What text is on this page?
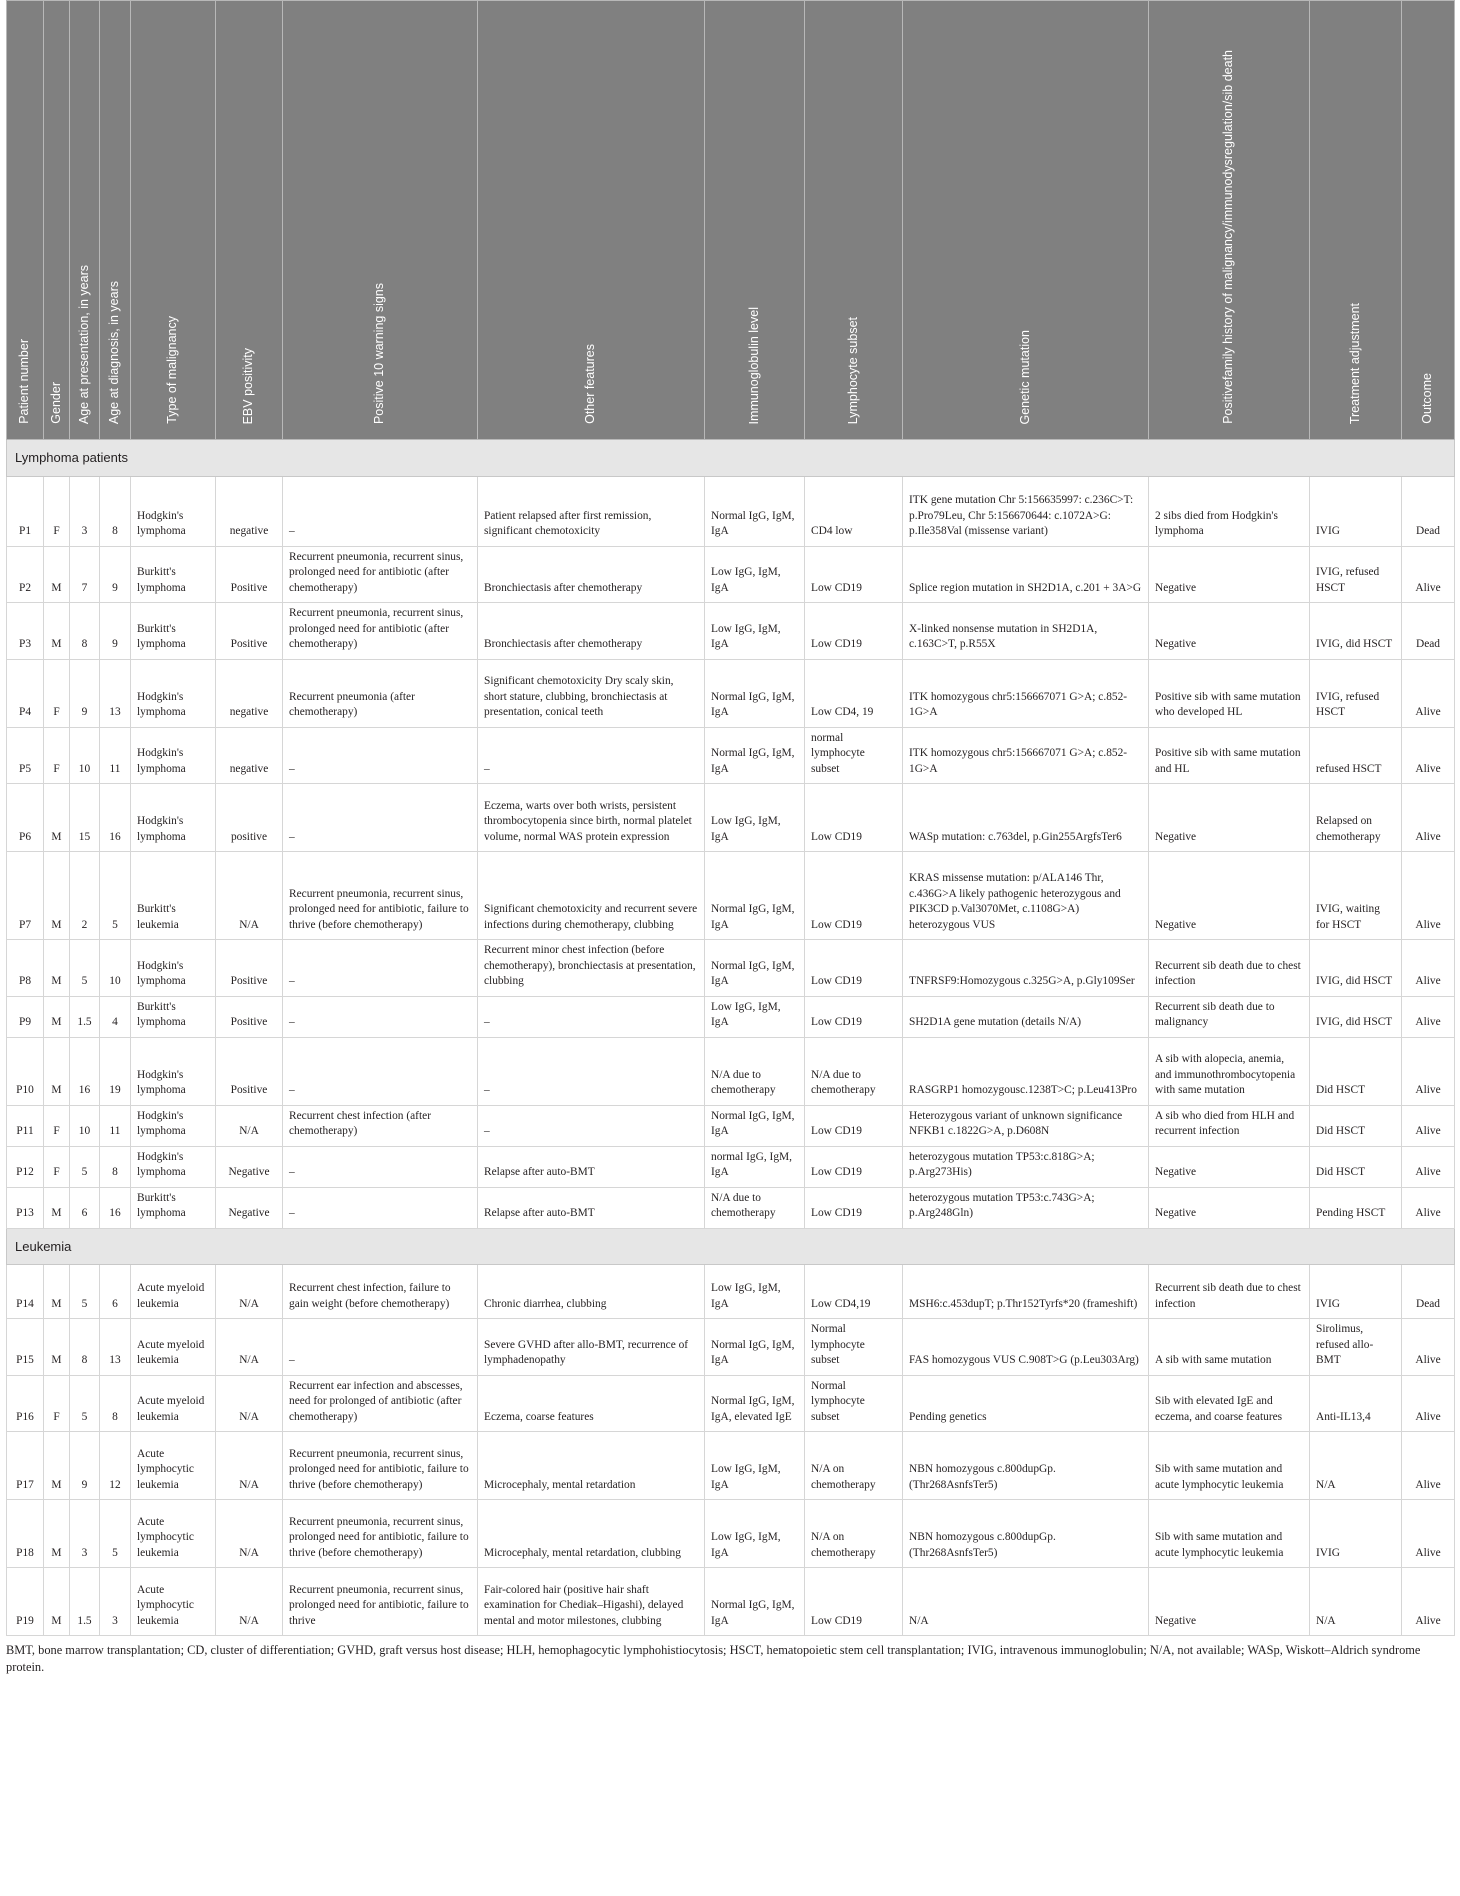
Patient number	Gender	Age at presentation, in years	Age at diagnosis, in years	Type of malignancy	EBV positivity	Positive 10 warning signs	Other features	Immunoglobulin level	Lymphocyte subset	Genetic mutation	Positivefamily history of malignancy/immunodysregulation/sib death	Treatment adjustment	Outcome
Lymphoma patients													
P1	F	3	8	Hodgkin's lymphoma	negative	–	Patient relapsed after first remission, significant chemotoxicity	Normal IgG, IgM, IgA	CD4 low	ITK gene mutation Chr 5:156635997: c.236C>T: p.Pro79Leu, Chr 5:156670644: c.1072A>G: p.Ile358Val (missense variant)	2 sibs died from Hodgkin's lymphoma	IVIG	Dead
P2	M	7	9	Burkitt's lymphoma	Positive	Recurrent pneumonia, recurrent sinus, prolonged need for antibiotic (after chemotherapy)	Bronchiectasis after chemotherapy	Low IgG, IgM, IgA	Low CD19	Splice region mutation in SH2D1A, c.201 + 3A>G	Negative	IVIG, refused HSCT	Alive
P3	M	8	9	Burkitt's lymphoma	Positive	Recurrent pneumonia, recurrent sinus, prolonged need for antibiotic (after chemotherapy)	Bronchiectasis after chemotherapy	Low IgG, IgM, IgA	Low CD19	X-linked nonsense mutation in SH2D1A, c.163C>T, p.R55X	Negative	IVIG, did HSCT	Dead
P4	F	9	13	Hodgkin's lymphoma	negative	Recurrent pneumonia (after chemotherapy)	Significant chemotoxicity Dry scaly skin, short stature, clubbing, bronchiectasis at presentation, conical teeth	Normal IgG, IgM, IgA	Low CD4, 19	ITK homozygous chr5:156667071 G>A; c.852-1G>A	Positive sib with same mutation who developed HL	IVIG, refused HSCT	Alive
P5	F	10	11	Hodgkin's lymphoma	negative	–	–	Normal IgG, IgM, IgA	normal lymphocyte subset	ITK homozygous chr5:156667071 G>A; c.852-1G>A	Positive sib with same mutation and HL	refused HSCT	Alive
P6	M	15	16	Hodgkin's lymphoma	positive	–	Eczema, warts over both wrists, persistent thrombocytopenia since birth, normal platelet volume, normal WAS protein expression	Low IgG, IgM, IgA	Low CD19	WASp mutation: c.763del, p.Gin255ArgfsTer6	Negative	Relapsed on chemotherapy	Alive
P7	M	2	5	Burkitt's leukemia	N/A	Recurrent pneumonia, recurrent sinus, prolonged need for antibiotic, failure to thrive (before chemotherapy)	Significant chemotoxicity and recurrent severe infections during chemotherapy, clubbing	Normal IgG, IgM, IgA	Low CD19	KRAS missense mutation: p/ALA146 Thr, c.436G>A likely pathogenic heterozygous and PIK3CD p.Val3070Met, c.1108G>A) heterozygous VUS	Negative	IVIG, waiting for HSCT	Alive
P8	M	5	10	Hodgkin's lymphoma	Positive	–	Recurrent minor chest infection (before chemotherapy), bronchiectasis at presentation, clubbing	Normal IgG, IgM, IgA	Low CD19	TNFRSF9:Homozygous c.325G>A, p.Gly109Ser	Recurrent sib death due to chest infection	IVIG, did HSCT	Alive
P9	M	1.5	4	Burkitt's lymphoma	Positive	–	–	Low IgG, IgM, IgA	Low CD19	SH2D1A gene mutation (details N/A)	Recurrent sib death due to malignancy	IVIG, did HSCT	Alive
P10	M	16	19	Hodgkin's lymphoma	Positive	–	–	N/A due to chemotherapy	N/A due to chemotherapy	RASGRP1 homozygousc.1238T>C; p.Leu413Pro	A sib with alopecia, anemia, and immunothrombocytopenia with same mutation	Did HSCT	Alive
P11	F	10	11	Hodgkin's lymphoma	N/A	Recurrent chest infection (after chemotherapy)	–	Normal IgG, IgM, IgA	Low CD19	Heterozygous variant of unknown significance NFKB1 c.1822G>A, p.D608N	A sib who died from HLH and recurrent infection	Did HSCT	Alive
P12	F	5	8	Hodgkin's lymphoma	Negative	–	Relapse after auto-BMT	normal IgG, IgM, IgA	Low CD19	heterozygous mutation TP53:c.818G>A; p.Arg273His)	Negative	Did HSCT	Alive
P13	M	6	16	Burkitt's lymphoma	Negative	–	Relapse after auto-BMT	N/A due to chemotherapy	Low CD19	heterozygous mutation TP53:c.743G>A; p.Arg248Gln)	Negative	Pending HSCT	Alive
Leukemia													
P14	M	5	6	Acute myeloid leukemia	N/A	Recurrent chest infection, failure to gain weight (before chemotherapy)	Chronic diarrhea, clubbing	Low IgG, IgM, IgA	Low CD4,19	MSH6:c.453dupT; p.Thr152Tyrfs*20 (frameshift)	Recurrent sib death due to chest infection	IVIG	Dead
P15	M	8	13	Acute myeloid leukemia	N/A	–	Severe GVHD after allo-BMT, recurrence of lymphadenopathy	Normal IgG, IgM, IgA	Normal lymphocyte subset	FAS homozygous VUS C.908T>G (p.Leu303Arg)	A sib with same mutation	Sirolimus, refused allo-BMT	Alive
P16	F	5	8	Acute myeloid leukemia	N/A	Recurrent ear infection and abscesses, need for prolonged of antibiotic (after chemotherapy)	Eczema, coarse features	Normal IgG, IgM, IgA, elevated IgE	Normal lymphocyte subset	Pending genetics	Sib with elevated IgE and eczema, and coarse features	Anti-IL13,4	Alive
P17	M	9	12	Acute lymphocytic leukemia	N/A	Recurrent pneumonia, recurrent sinus, prolonged need for antibiotic, failure to thrive (before chemotherapy)	Microcephaly, mental retardation	Low IgG, IgM, IgA	N/A on chemotherapy	NBN homozygous c.800dupGp.(Thr268AsnfsTer5)	Sib with same mutation and acute lymphocytic leukemia	N/A	Alive
P18	M	3	5	Acute lymphocytic leukemia	N/A	Recurrent pneumonia, recurrent sinus, prolonged need for antibiotic, failure to thrive (before chemotherapy)	Microcephaly, mental retardation, clubbing	Low IgG, IgM, IgA	N/A on chemotherapy	NBN homozygous c.800dupGp.(Thr268AsnfsTer5)	Sib with same mutation and acute lymphocytic leukemia	IVIG	Alive
P19	M	1.5	3	Acute lymphocytic leukemia	N/A	Recurrent pneumonia, recurrent sinus, prolonged need for antibiotic, failure to thrive	Fair-colored hair (positive hair shaft examination for Chediak–Higashi), delayed mental and motor milestones, clubbing	Normal IgG, IgM, IgA	Low CD19	N/A	Negative	N/A	Alive

BMT, bone marrow transplantation; CD, cluster of differentiation; GVHD, graft versus host disease; HLH, hemophagocytic lymphohistiocytosis; HSCT, hematopoietic stem cell transplantation; IVIG, intravenous immunoglobulin; N/A, not available; WASp, Wiskott–Aldrich syndrome protein.
